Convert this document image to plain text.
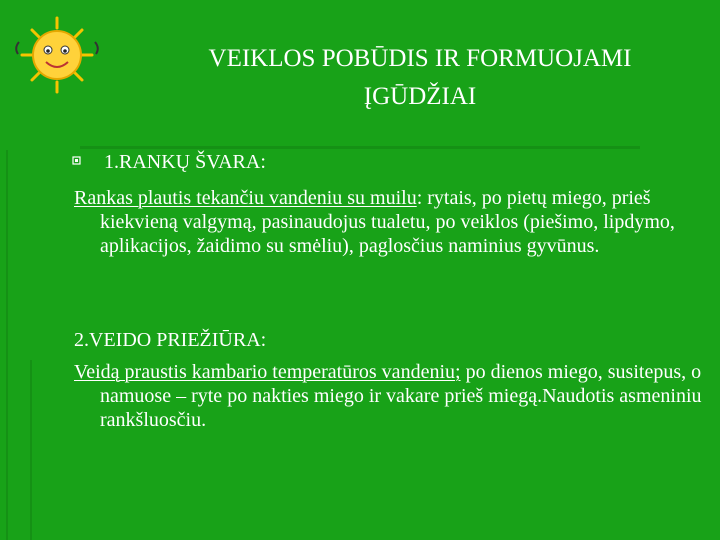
VEIKLOS POBŪDIS IR FORMUOJAMI
ĮGŪDŽIAI
1.RANKŲ ŠVARA:
Rankas plautis tekančiu vandeniu su muilu: rytais, po pietų miego, prieš kiekvieną valgymą, pasinaudojus tualetu, po veiklos (piešimo, lipdymo, aplikacijos, žaidimo su smėliu), paglosčius naminius gyvūnus.
2.VEIDO PRIEŽIŪRA:
Veidą praustis kambario temperatūros vandeniu; po dienos miego, susitepus, o namuose – ryte po nakties miego ir vakare prieš miegą.Naudotis asmeniniu rankšluosčiu.
